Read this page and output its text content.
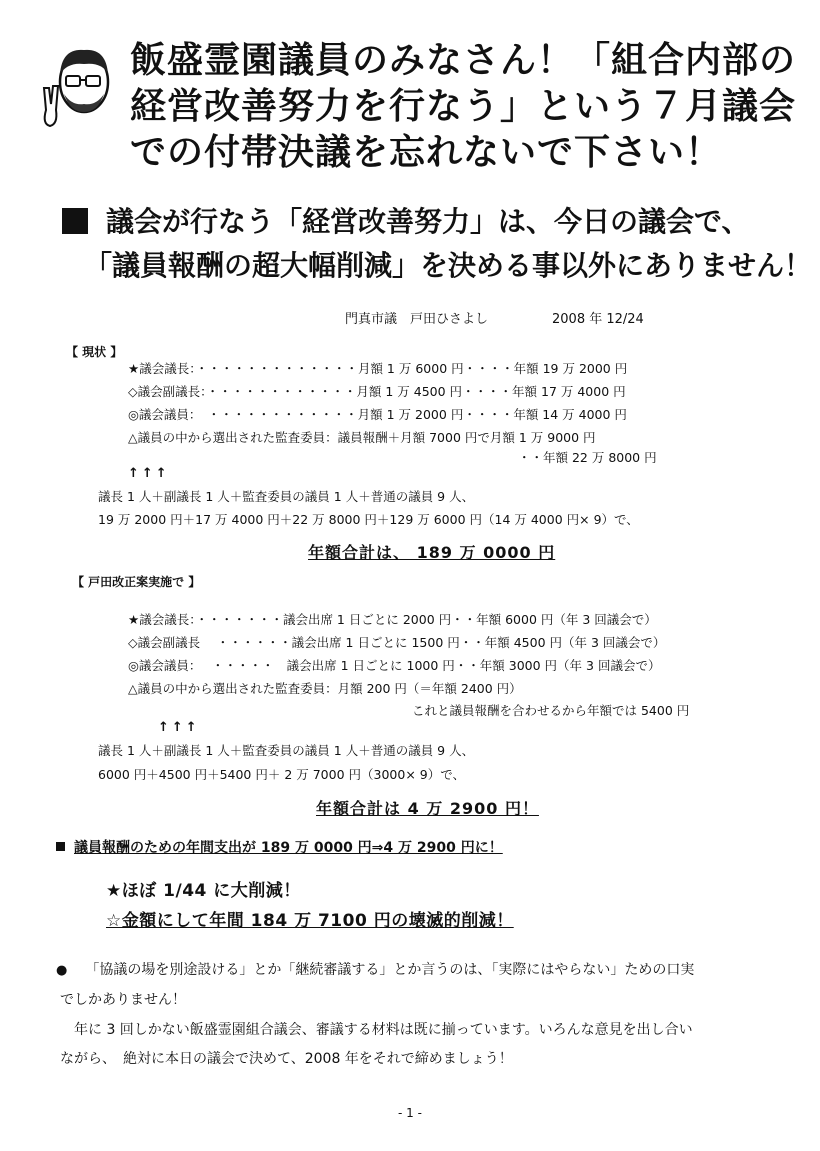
飯盛霊園議員のみなさん！「組合内部の
経営改善努力を行なう」という７月議会
での付帯決議を忘れないで下さい！
議会が行なう「経営改善努力」は、今日の議会で、
「議員報酬の超大幅削減」を決める事以外にありません！
門真市議　戸田ひさよし	2008 年 12/24
【 現状 】
★議会議長：・・・・・・・・・・・・・月額 1 万 6000 円・・・・年額 19 万 2000 円
◇議会副議長：・・・・・・・・・・・・月額 1 万 4500 円・・・・年額 17 万 4000 円
◎議会議員：　・・・・・・・・・・・・月額 1 万 2000 円・・・・年額 14 万 4000 円
△議員の中から選出された監査委員：議員報酬＋月額 7000 円で月額 1 万 9000 円
・・年額 22 万 8000 円
↑↑↑
議長 1 人＋副議長 1 人＋監査委員の議員 1 人＋普通の議員 9 人、
19 万 2000 円＋17 万 4000 円＋22 万 8000 円＋129 万 6000 円（14 万 4000 円× 9）で、
年額合計は、 189 万 0000 円
【 戸田改正案実施で 】
★議会議長：・・・・・・・議会出席 1 日ごとに 2000 円・・年額 6000 円（年 3 回議会で）
◇議会副議長　 ・・・・・・議会出席 1 日ごとに 1500 円・・年額 4500 円（年 3 回議会で）
◎議会議員：　 ・・・・・　議会出席 1 日ごとに 1000 円・・年額 3000 円（年 3 回議会で）
△議員の中から選出された監査委員：月額 200 円（＝年額 2400 円）
これと議員報酬を合わせるから年額では 5400 円
↑↑↑
議長 1 人＋副議長 1 人＋監査委員の議員 1 人＋普通の議員 9 人、
6000 円＋4500 円＋5400 円＋ 2 万 7000 円（3000× 9）で、
年額合計は 4 万 2900 円！
議員報酬のための年間支出が 189 万 0000 円⇒4 万 2900 円に！
★ほぼ 1/44 に大削減！
☆金額にして年間 184 万 7100 円の壊滅的削減！
● 「協議の場を別途設ける」とか「継続審議する」とか言うのは、「実際にはやらない」ための口実
でしかありません！
　年に 3 回しかない飯盛霊園組合議会、審議する材料は既に揃っています。いろんな意見を出し合い
ながら、　絶対に本日の議会で決めて、2008 年をそれで締めましょう！
- 1 -
